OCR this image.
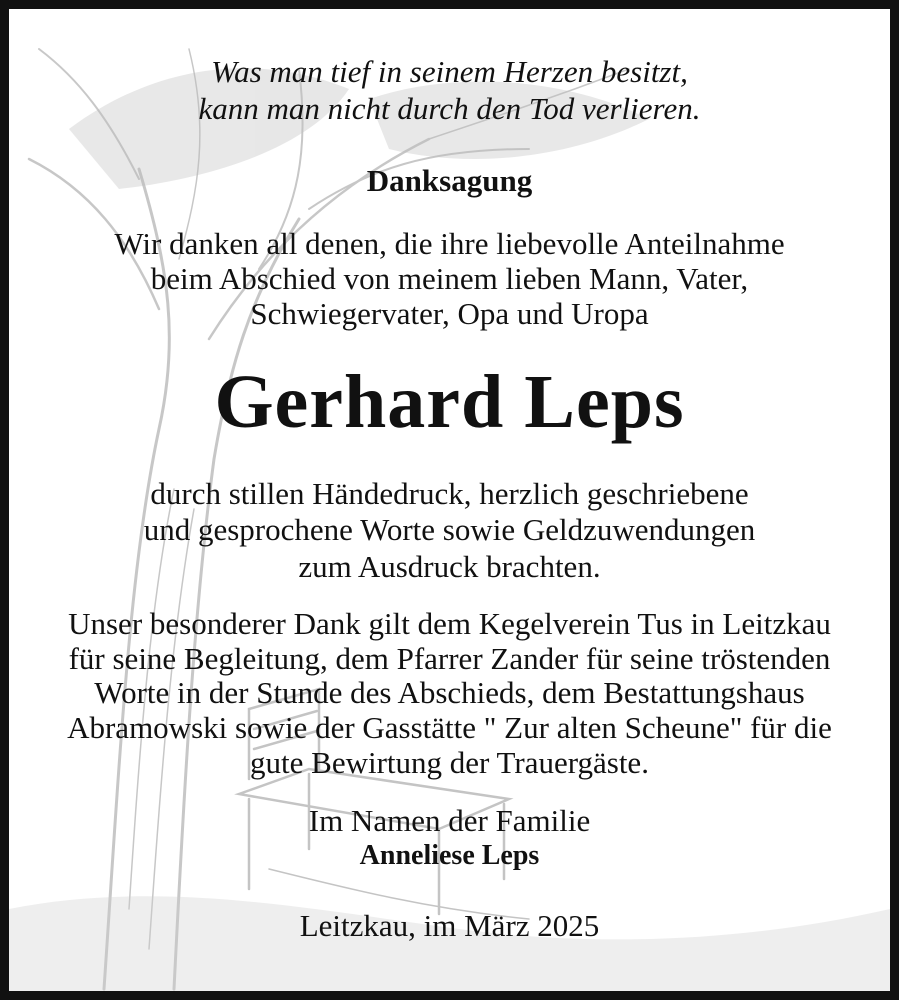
Was man tief in seinem Herzen besitzt,
kann man nicht durch den Tod verlieren.
Danksagung
Wir danken all denen, die ihre liebevolle Anteilnahme
beim Abschied von meinem lieben Mann, Vater,
Schwiegervater, Opa und Uropa
Gerhard Leps
durch stillen Händedruck, herzlich geschriebene
und gesprochene Worte sowie Geldzuwendungen
zum Ausdruck brachten.
Unser besonderer Dank gilt dem Kegelverein Tus in Leitzkau
für seine Begleitung, dem Pfarrer Zander für seine tröstenden
Worte in der Stunde des Abschieds, dem Bestattungshaus
Abramowski sowie der Gasstätte " Zur alten Scheune" für die
gute Bewirtung der Trauergäste.
Im Namen der Familie
Anneliese Leps
Leitzkau, im März 2025
